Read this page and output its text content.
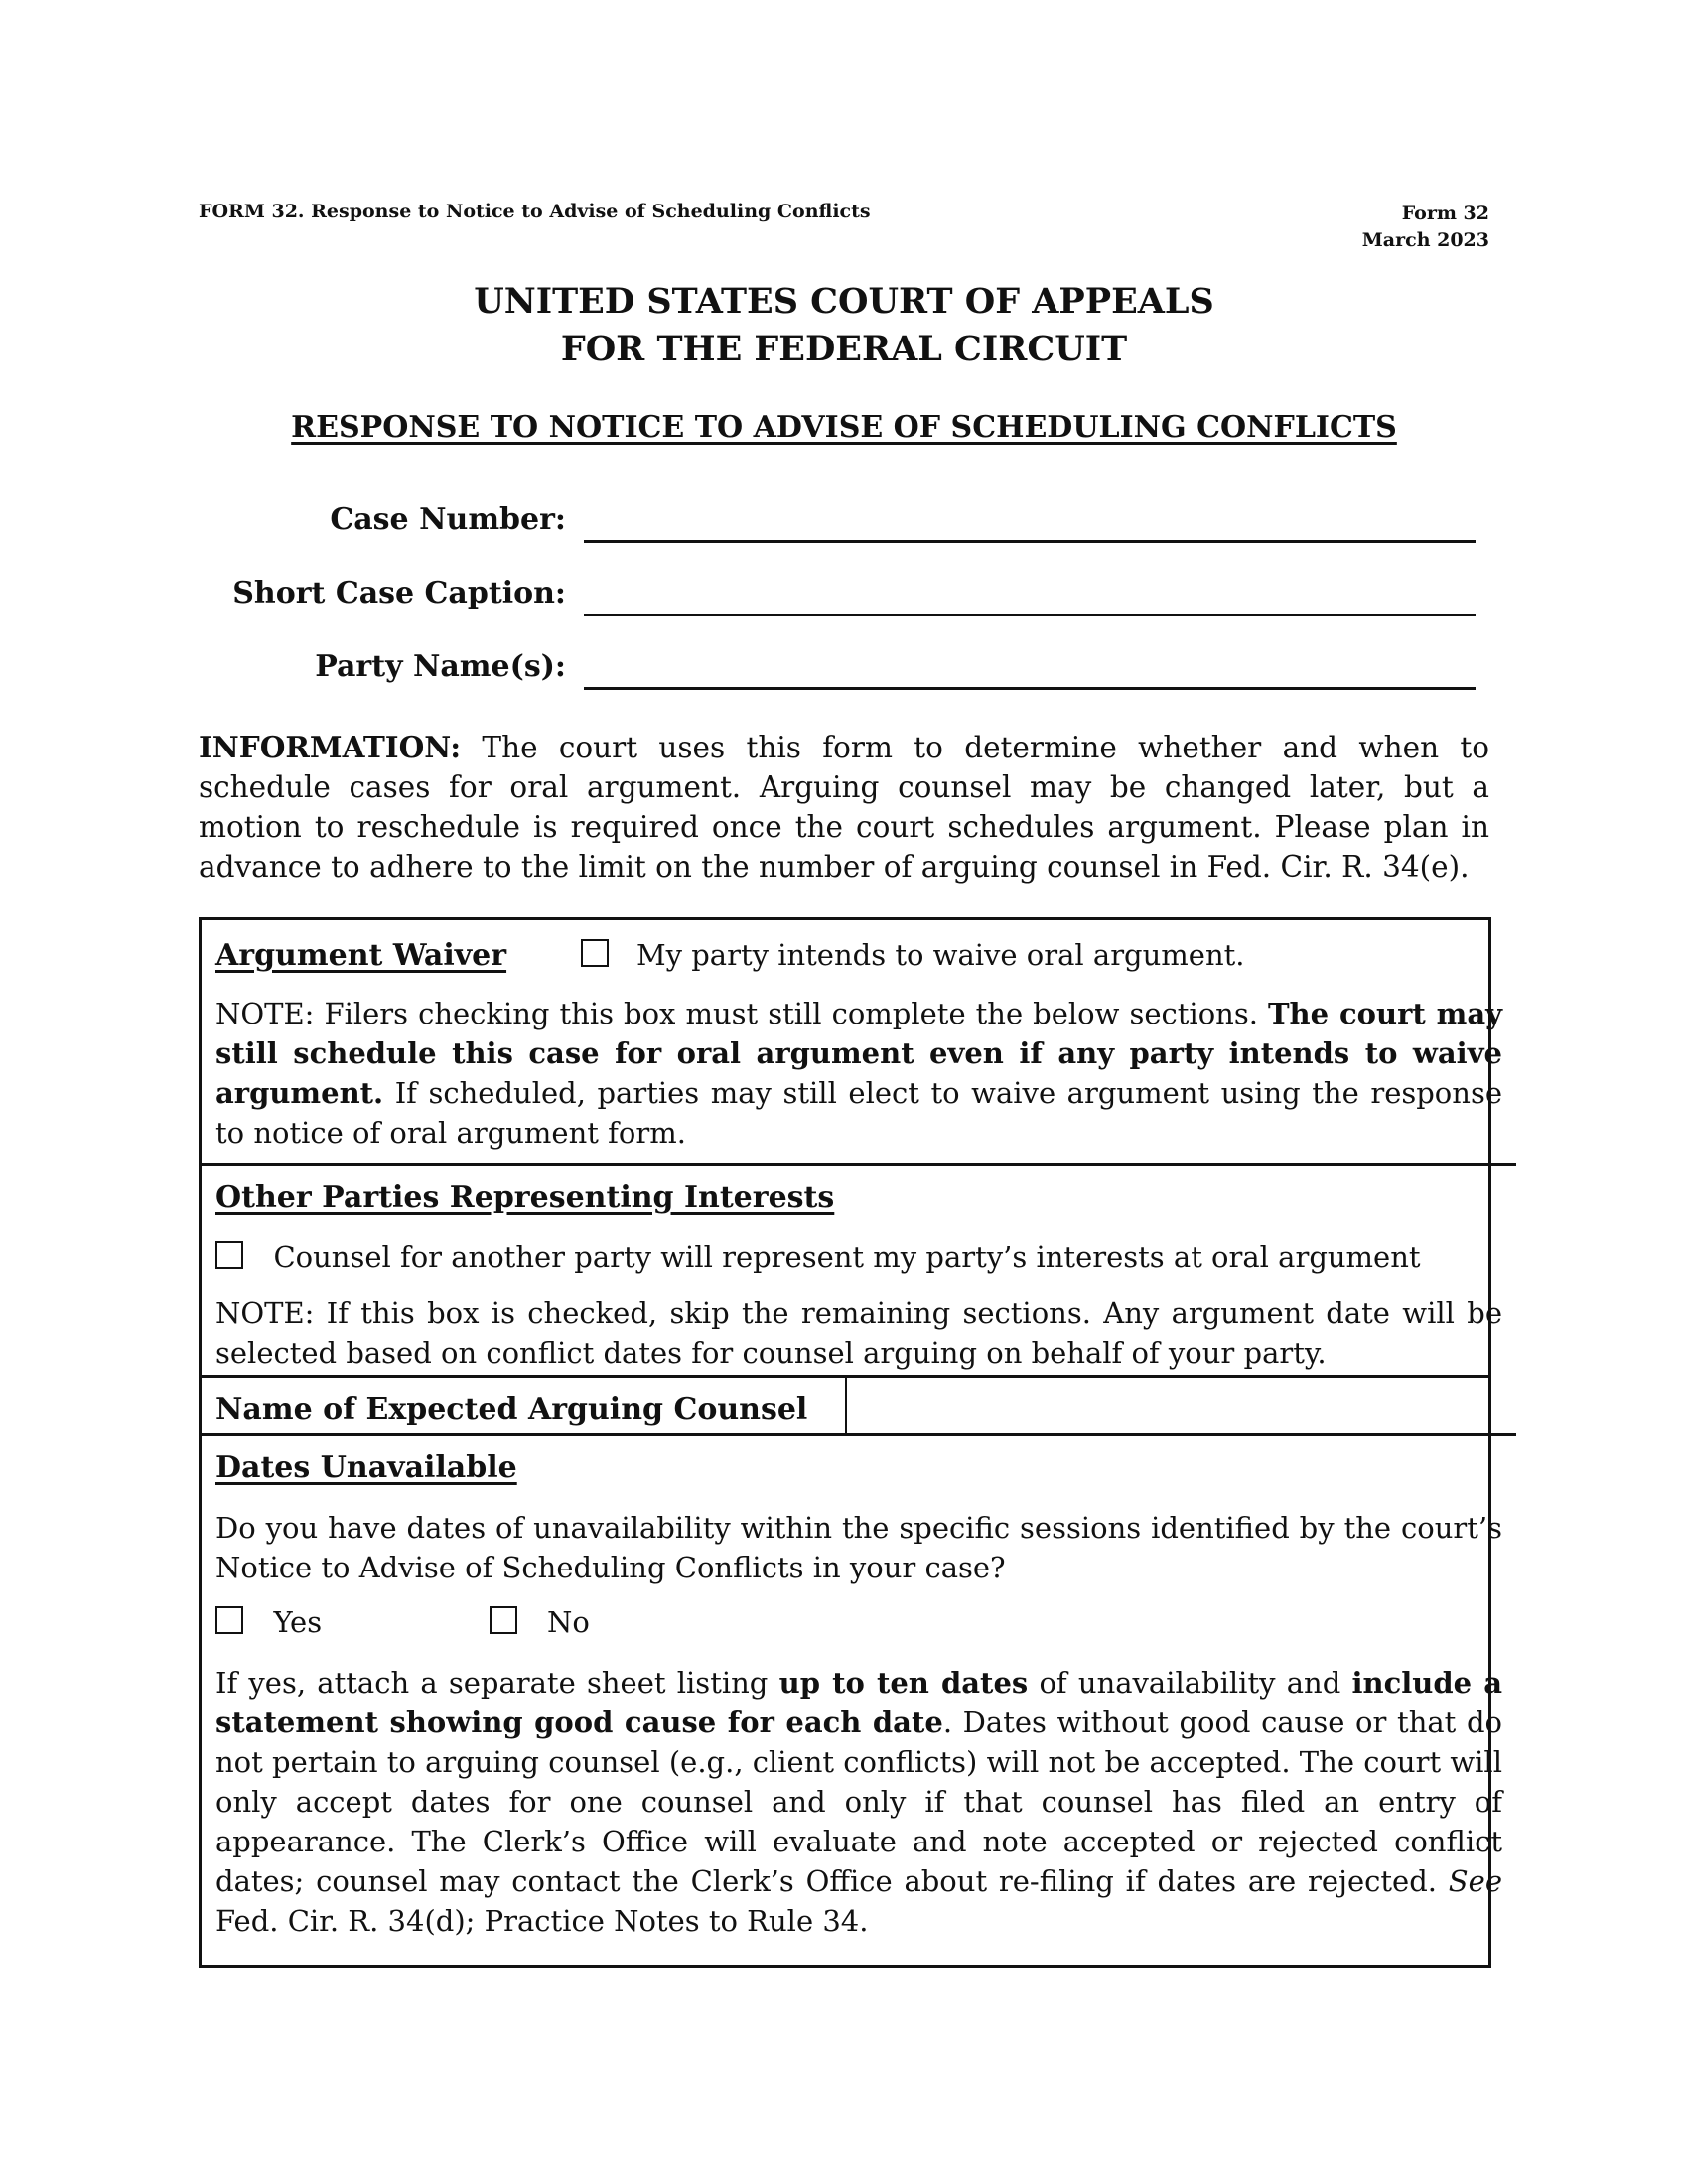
FORM 32. Response to Notice to Advise of Scheduling Conflicts	Form 32
March 2023
UNITED STATES COURT OF APPEALS
FOR THE FEDERAL CIRCUIT
RESPONSE TO NOTICE TO ADVISE OF SCHEDULING CONFLICTS
Case Number:
Short Case Caption:
Party Name(s):
INFORMATION: The court uses this form to determine whether and when to schedule cases for oral argument. Arguing counsel may be changed later, but a motion to reschedule is required once the court schedules argument. Please plan in advance to adhere to the limit on the number of arguing counsel in Fed. Cir. R. 34(e).
Argument Waiver	My party intends to waive oral argument.
NOTE: Filers checking this box must still complete the below sections. The court may still schedule this case for oral argument even if any party intends to waive argument. If scheduled, parties may still elect to waive argument using the response to notice of oral argument form.
Other Parties Representing Interests
Counsel for another party will represent my party’s interests at oral argument
NOTE: If this box is checked, skip the remaining sections. Any argument date will be selected based on conflict dates for counsel arguing on behalf of your party.
Name of Expected Arguing Counsel
Dates Unavailable
Do you have dates of unavailability within the specific sessions identified by the court’s Notice to Advise of Scheduling Conflicts in your case?
Yes	No
If yes, attach a separate sheet listing up to ten dates of unavailability and include a statement showing good cause for each date. Dates without good cause or that do not pertain to arguing counsel (e.g., client conflicts) will not be accepted. The court will only accept dates for one counsel and only if that counsel has filed an entry of appearance. The Clerk’s Office will evaluate and note accepted or rejected conflict dates; counsel may contact the Clerk’s Office about re-filing if dates are rejected. See Fed. Cir. R. 34(d); Practice Notes to Rule 34.
